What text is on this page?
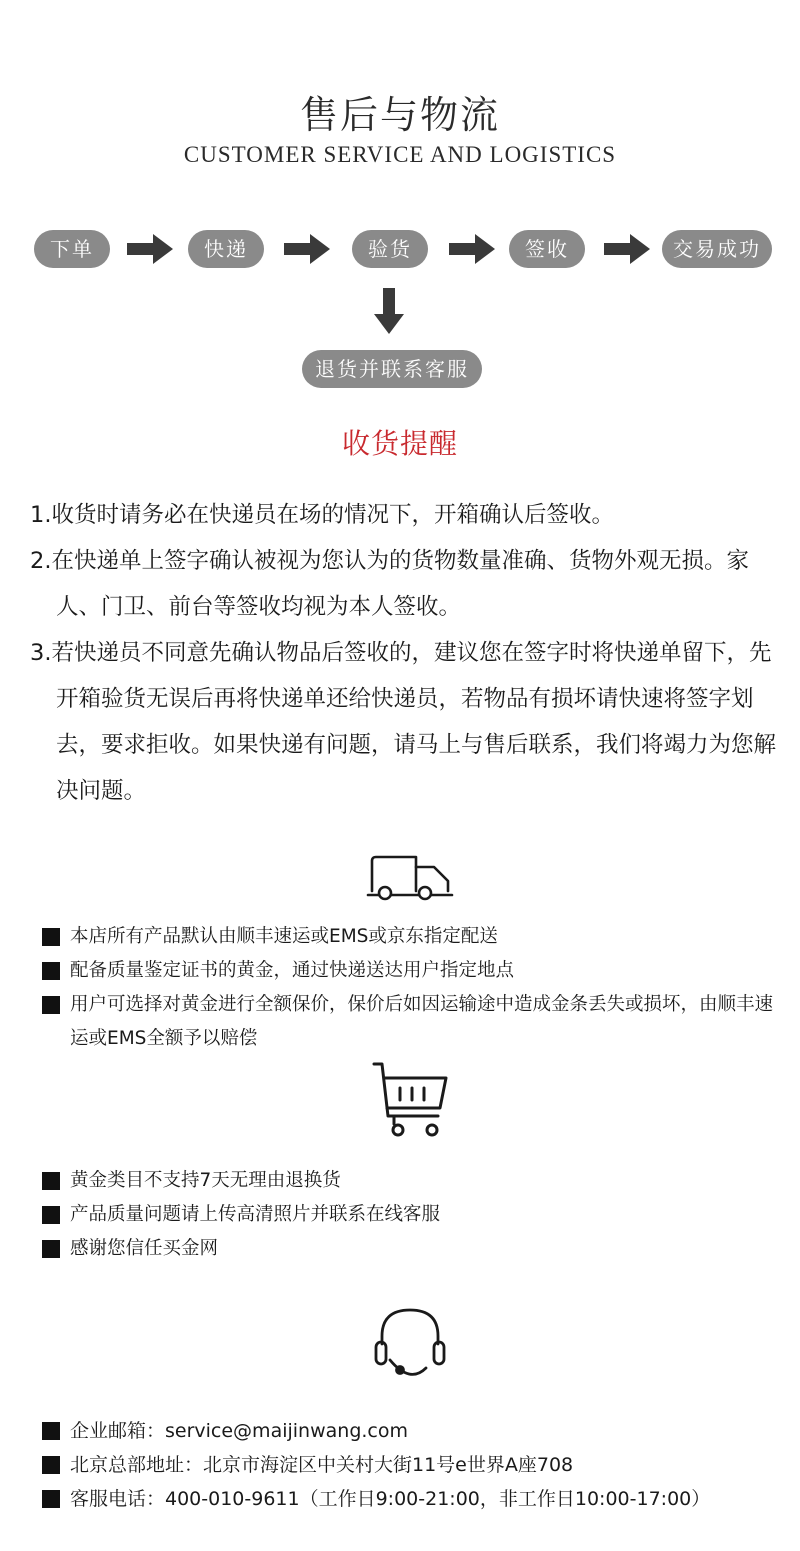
售后与物流
CUSTOMER SERVICE AND LOGISTICS
下单	快递	验货	签收	交易成功
退货并联系客服
收货提醒
1.收货时请务必在快递员在场的情况下，开箱确认后签收。
2.在快递单上签字确认被视为您认为的货物数量准确、货物外观无损。家人、门卫、前台等签收均视为本人签收。
3.若快递员不同意先确认物品后签收的，建议您在签字时将快递单留下，先开箱验货无误后再将快递单还给快递员，若物品有损坏请快速将签字划去，要求拒收。如果快递有问题，请马上与售后联系，我们将竭力为您解决问题。
本店所有产品默认由顺丰速运或EMS或京东指定配送
配备质量鉴定证书的黄金，通过快递送达用户指定地点
用户可选择对黄金进行全额保价，保价后如因运输途中造成金条丢失或损坏，由顺丰速运或EMS全额予以赔偿
黄金类目不支持7天无理由退换货
产品质量问题请上传高清照片并联系在线客服
感谢您信任买金网
企业邮箱：service@maijinwang.com
北京总部地址：北京市海淀区中关村大街11号e世界A座708
客服电话：400-010-9611（工作日9:00-21:00，非工作日10:00-17:00）
